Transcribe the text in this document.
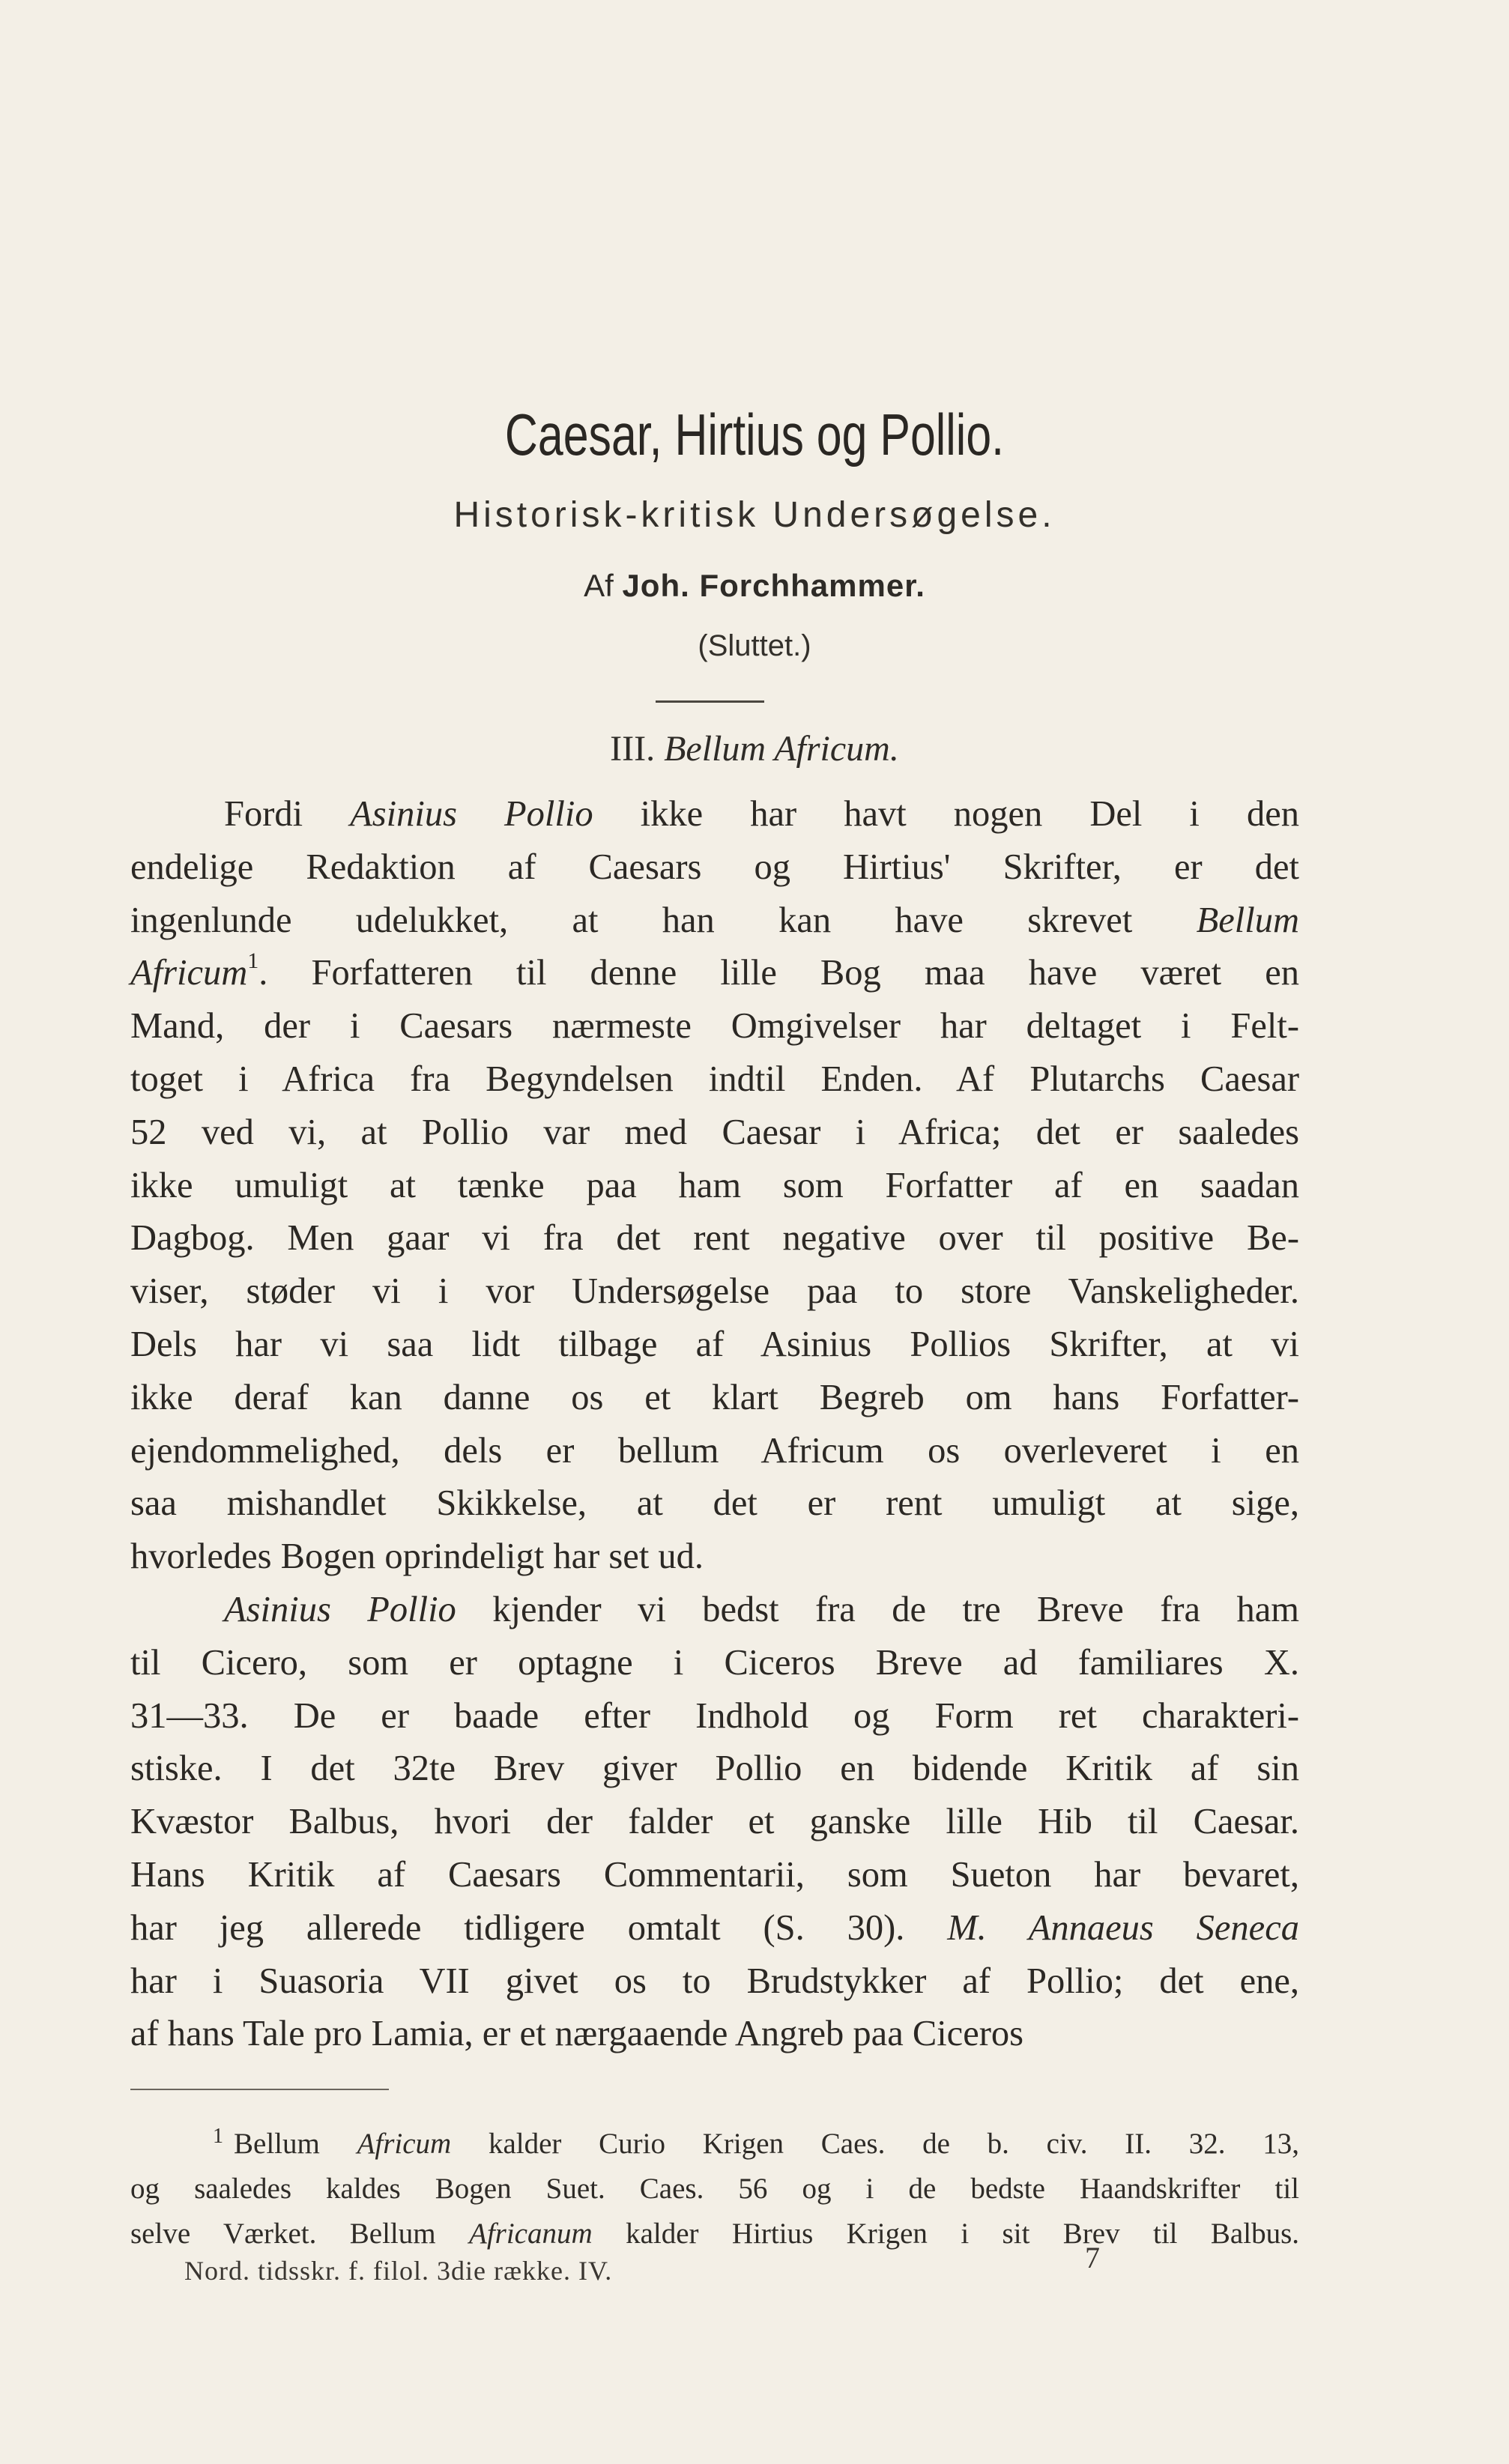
Caesar, Hirtius og Pollio.
Historisk-kritisk Undersøgelse.
Af Joh. Forchhammer.
(Sluttet.)
III. Bellum Africum.
Fordi Asinius Pollio ikke har havt nogen Del i den
endelige Redaktion af Caesars og Hirtius' Skrifter, er det
ingenlunde udelukket, at han kan have skrevet Bellum
Africum$^1$. Forfatteren til denne lille Bog maa have været en
Mand, der i Caesars nærmeste Omgivelser har deltaget i Felt-
toget i Africa fra Begyndelsen indtil Enden. Af Plutarchs Caesar
52 ved vi, at Pollio var med Caesar i Africa; det er saaledes
ikke umuligt at tænke paa ham som Forfatter af en saadan
Dagbog. Men gaar vi fra det rent negative over til positive Be-
viser, støder vi i vor Undersøgelse paa to store Vanskeligheder.
Dels har vi saa lidt tilbage af Asinius Pollios Skrifter, at vi
ikke deraf kan danne os et klart Begreb om hans Forfatter-
ejendommelighed, dels er bellum Africum os overleveret i en
saa mishandlet Skikkelse, at det er rent umuligt at sige,
hvorledes Bogen oprindeligt har set ud.
Asinius Pollio kjender vi bedst fra de tre Breve fra ham
til Cicero, som er optagne i Ciceros Breve ad familiares X.
31—33. De er baade efter Indhold og Form ret charakteri-
stiske. I det 32te Brev giver Pollio en bidende Kritik af sin
Kvæstor Balbus, hvori der falder et ganske lille Hib til Caesar.
Hans Kritik af Caesars Commentarii, som Sueton har bevaret,
har jeg allerede tidligere omtalt (S. 30). M. Annaeus Seneca
har i Suasoria VII givet os to Brudstykker af Pollio; det ene,
af hans Tale pro Lamia, er et nærgaaende Angreb paa Ciceros
$^1$ Bellum Africum kalder Curio Krigen Caes. de b. civ. II. 32. 13,
og saaledes kaldes Bogen Suet. Caes. 56 og i de bedste Haandskrifter til
selve Værket. Bellum Africanum kalder Hirtius Krigen i sit Brev til Balbus.
Nord. tidsskr. f. filol. 3die række. IV.	7
